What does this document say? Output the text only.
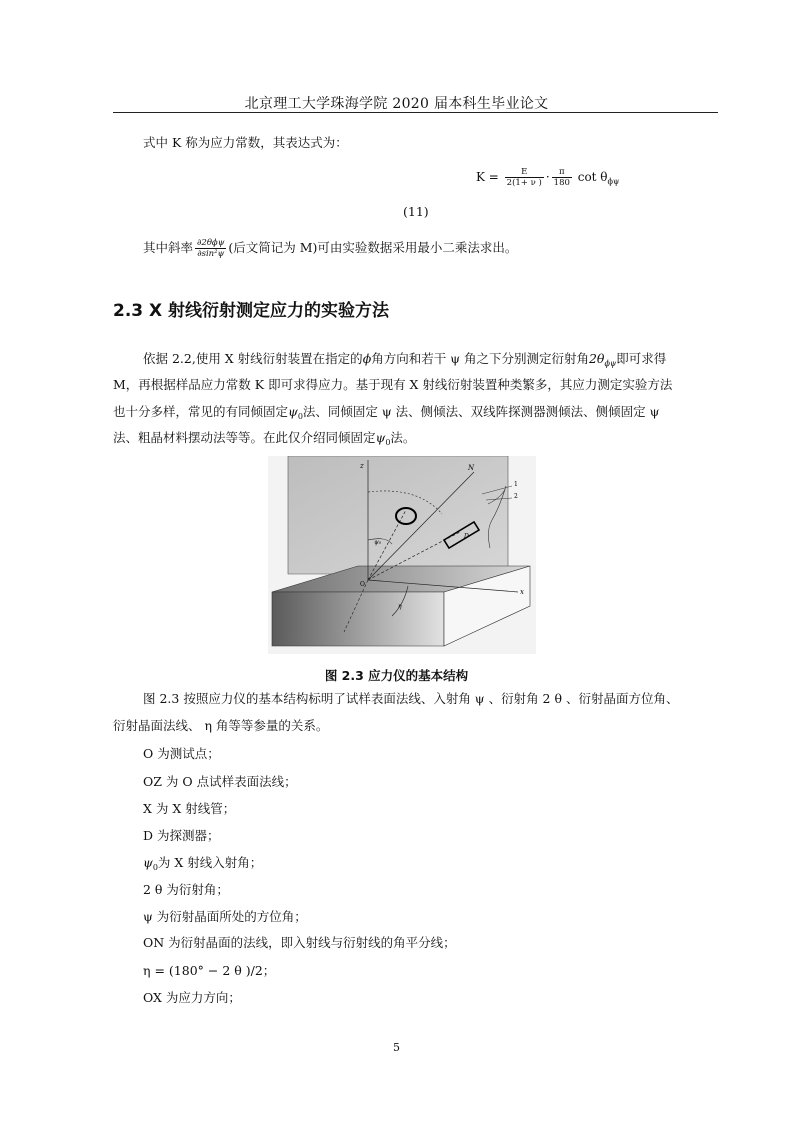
北京理工大学珠海学院 2020 届本科生毕业论文
式中 K 称为应力常数，其表达式为：
$K = \frac{E}{2(1+ \nu )} \cdot \frac{\pi}{180}$ $\cot \theta_{\phi\psi}$
(11)
其中斜率 $\frac{\text{∂2θϕψ}}{\text{∂sin²ψ}}$ (后文简记为 M)可由实验数据采用最小二乘法求出。
2.3 X 射线衍射测定应力的实验方法
依据 2.2,使用 X 射线衍射装置在指定的ϕ角方向和若干 ψ 角之下分别测定衍射角$2\theta_{\phi\psi}$即可求得
M，再根据样品应力常数 K 即可求得应力。基于现有 X 射线衍射装置种类繁多，其应力测定实验方法
也十分多样，常见的有同倾固定$\psi_0$法、同倾固定 ψ 法、侧倾法、双线阵探测器测倾法、侧倾固定 ψ
法、粗晶材料摆动法等等。在此仅介绍同倾固定$\psi_0$法。
z	N
1
2
x
D
O
ψ₀
η
图 2.3 应力仪的基本结构
图 2.3 按照应力仪的基本结构标明了试样表面法线、入射角 ψ 、衍射角 2 θ 、衍射晶面方位角、
衍射晶面法线、 η 角等等参量的关系。
O 为测试点；
OZ 为 O 点试样表面法线；
X 为 X 射线管；
D 为探测器；
$\psi_0$为 X 射线入射角；
2 θ 为衍射角；
ψ 为衍射晶面所处的方位角；
ON 为衍射晶面的法线，即入射线与衍射线的角平分线；
η = (180° − 2 θ )/2；
OX 为应力方向；
5
